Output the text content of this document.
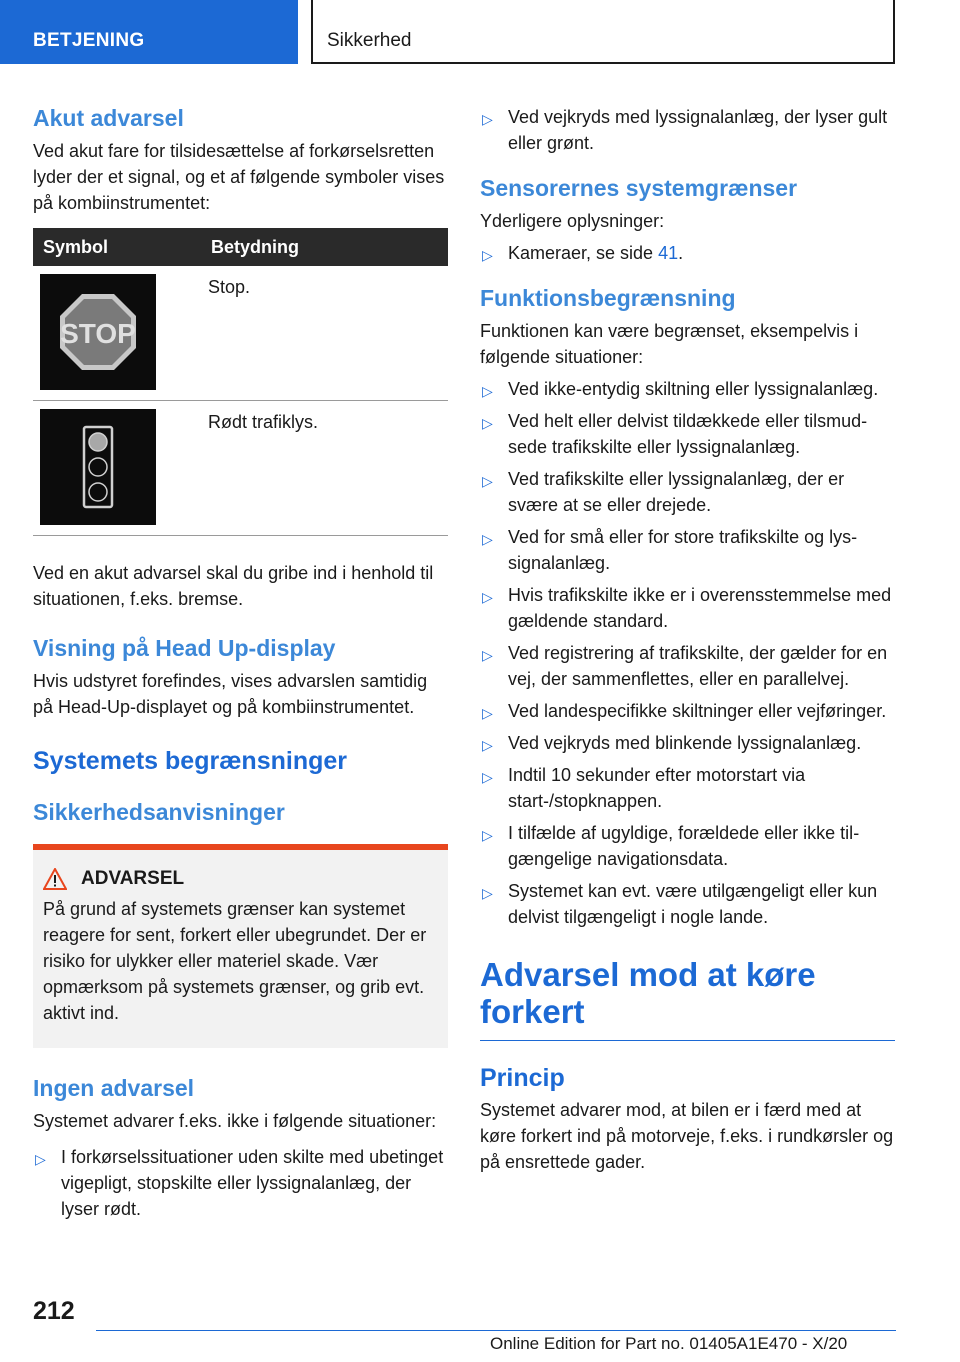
BETJENING	Sikkerhed
Akut advarsel

Ved akut fare for tilsidesættelse af forkørselsretten lyder der et signal, og et af følgende symboler vises på kombiinstrumentet:

Symbol	Betydning

STOP	Stop.

	Rødt trafiklys.

Ved en akut advarsel skal du gribe ind i henhold til situationen, f.eks. bremse.

Visning på Head Up-display

Hvis udstyret forefindes, vises advarslen samtidig på Head-Up-displayet og på kombiinstrumentet.

Systemets begrænsninger
Sikkerhedsanvisninger
ADVARSEL

På grund af systemets grænser kan systemet reagere for sent, forkert eller ubegrundet. Der er risiko for ulykker eller materiel skade. Vær opmærksom på systemets grænser, og grib evt. aktivt ind.

Ingen advarsel

Systemet advarer f.eks. ikke i følgende situationer:

▷ I forkørselssituationer uden skilte med ubetinget vigepligt, stopskilte eller lyssignalanlæg, der lyser rødt.
▷ Ved vejkryds med lyssignalanlæg, der lyser gult eller grønt.
Sensorernes systemgrænser

Yderligere oplysninger:

▷ Kameraer, se side 41.
Funktionsbegrænsning

Funktionen kan være begrænset, eksempelvis i følgende situationer:

▷ Ved ikke-entydig skiltning eller lyssignalanlæg.
▷ Ved helt eller delvist tildækkede eller tilsmudsede trafikskilte eller lyssignalanlæg.
▷ Ved trafikskilte eller lyssignalanlæg, der er svære at se eller drejede.
▷ Ved for små eller for store trafikskilte og lyssignalanlæg.
▷ Hvis trafikskilte ikke er i overensstemmelse med gældende standard.
▷ Ved registrering af trafikskilte, der gælder for en vej, der sammenflettes, eller en parallelvej.
▷ Ved landespecifikke skiltninger eller vejføringer.
▷ Ved vejkryds med blinkende lyssignalanlæg.
▷ Indtil 10 sekunder efter motorstart via start-/stopknappen.
▷ I tilfælde af ugyldige, forældede eller ikke tilgængelige navigationsdata.
▷ Systemet kan evt. være utilgængeligt eller kun delvist tilgængeligt i nogle lande.
Advarsel mod at køre forkert
Princip

Systemet advarer mod, at bilen er i færd med at køre forkert ind på motorveje, f.eks. i rundkørsler og på ensrettede gader.

212
Online Edition for Part no. 01405A1E470 - X/20
